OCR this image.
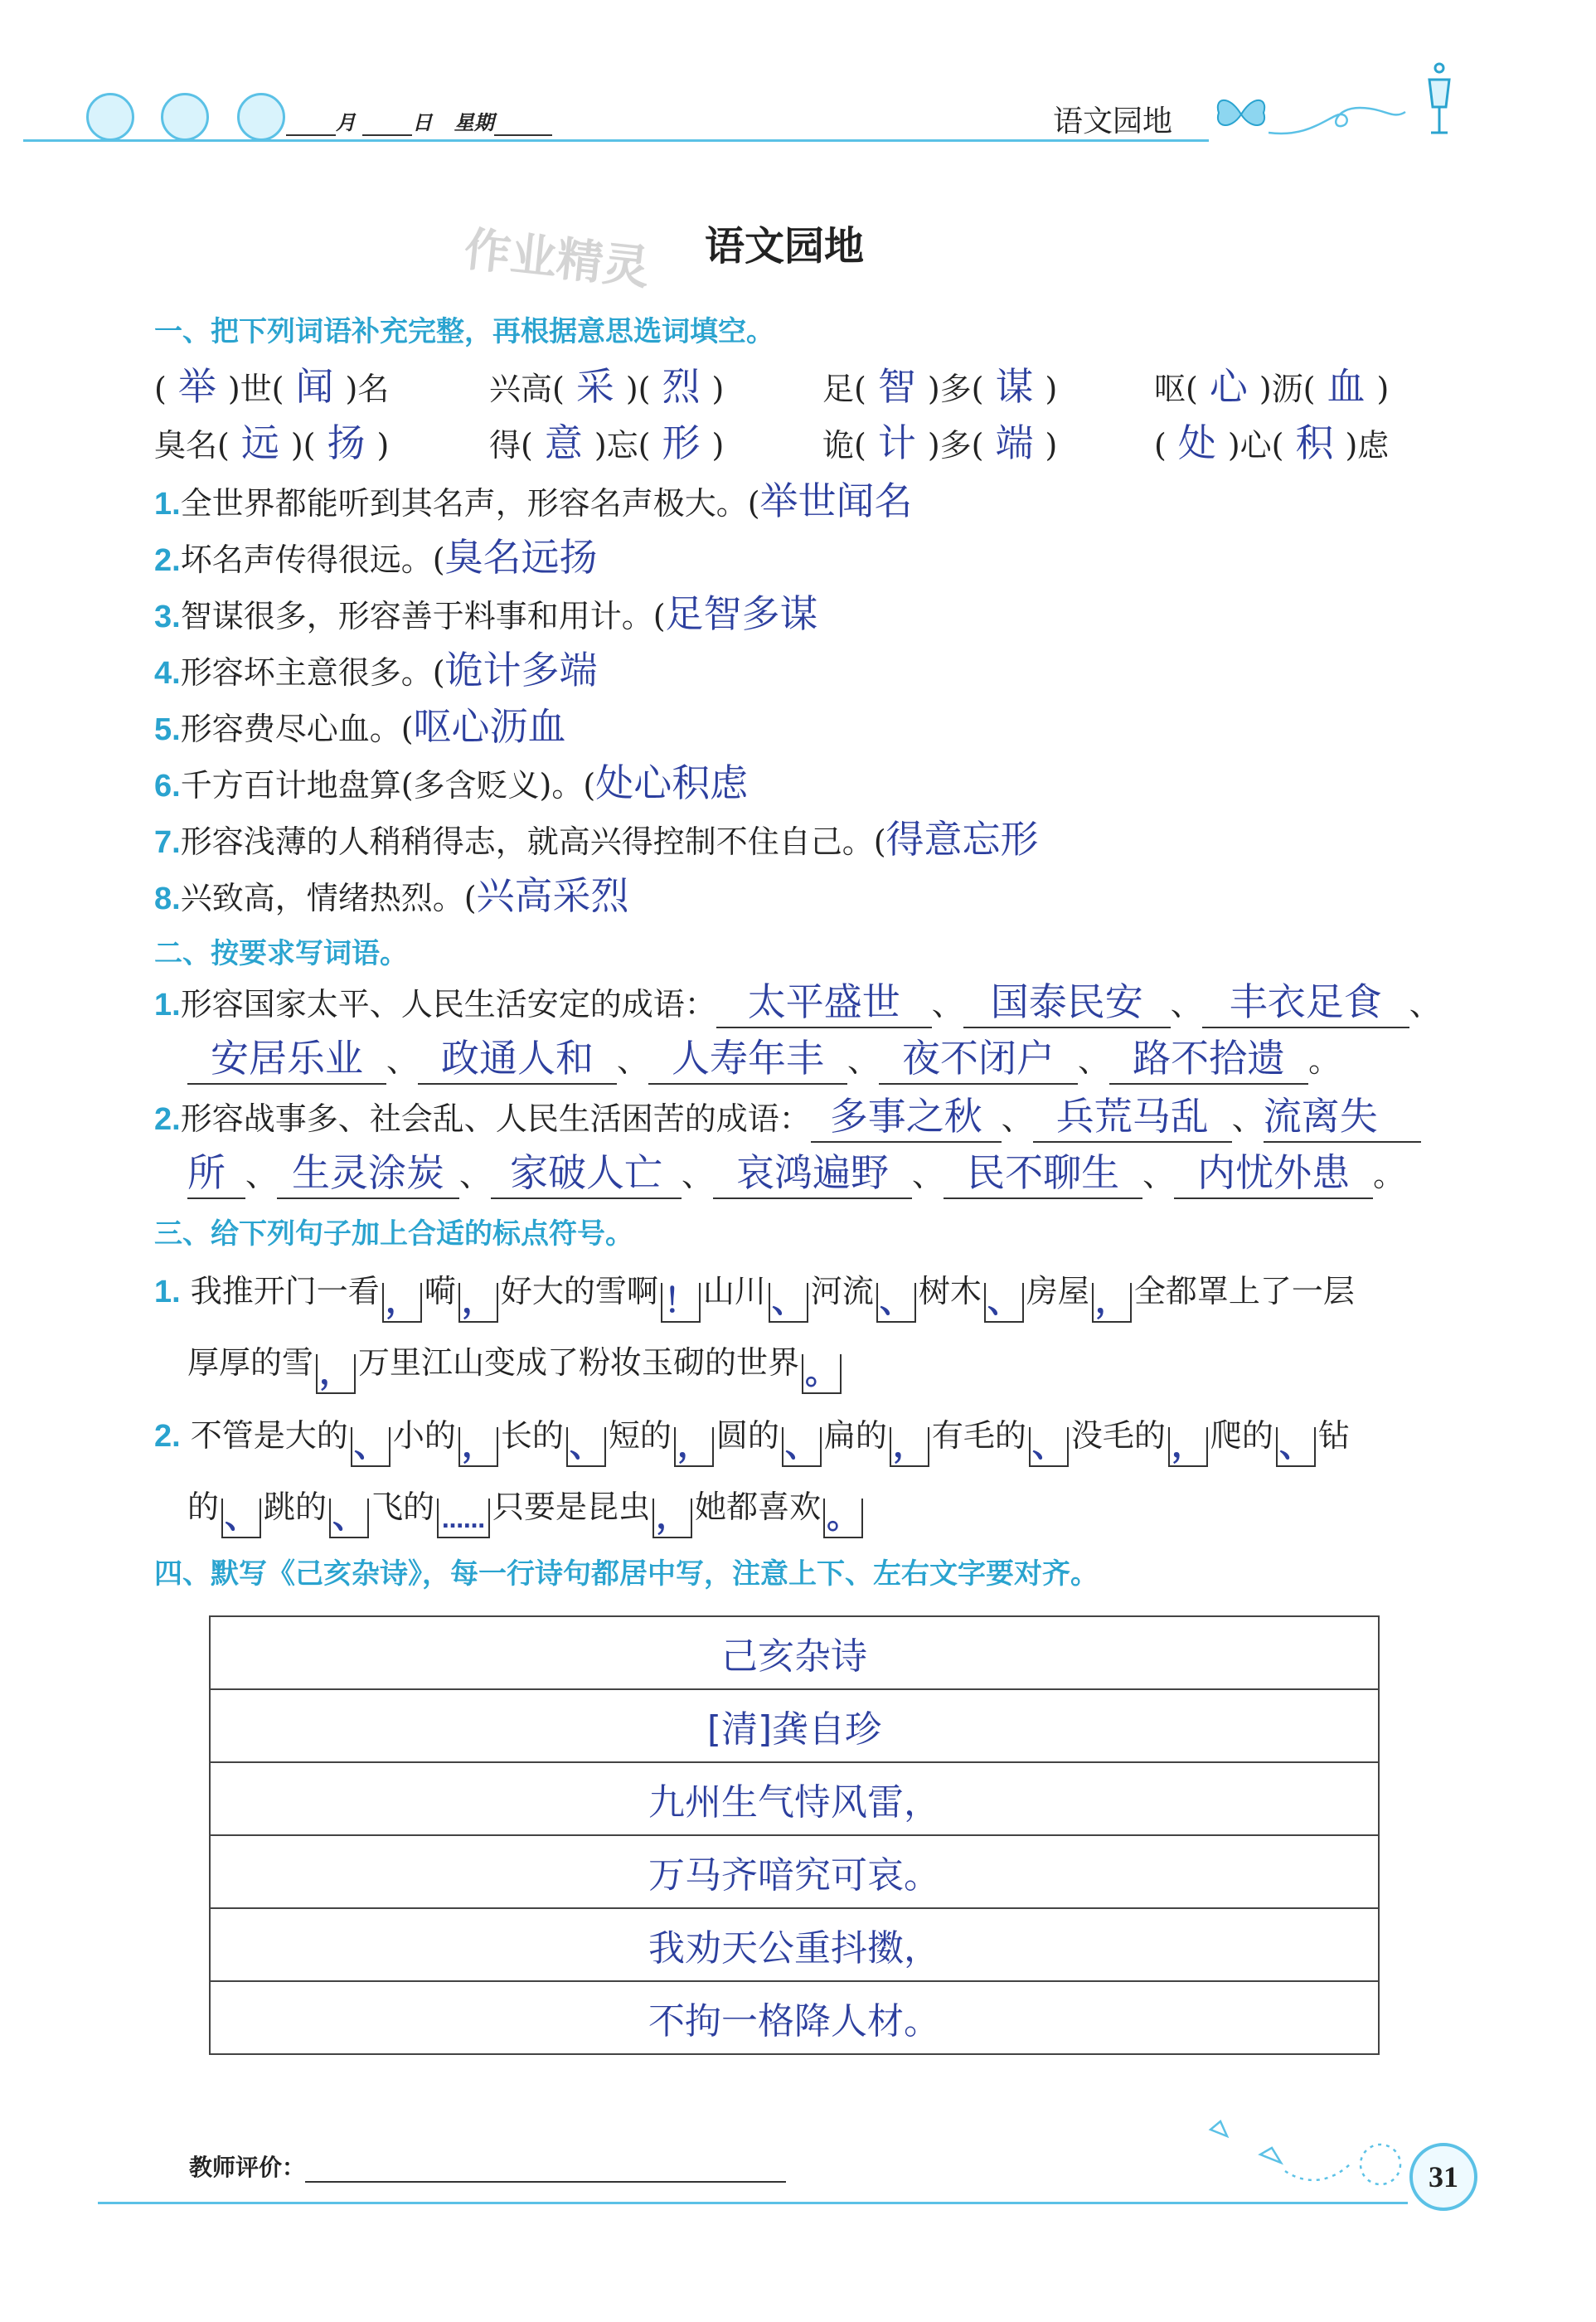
月	日 星期	语文园地
作业精灵 语文园地
一、把下列词语补充完整，再根据意思选词填空。
( 举 )世( 闻 )名	兴高( 采 )( 烈 )	足( 智 )多( 谋 )	呕( 心 )沥( 血 )
臭名( 远 )( 扬 )	得( 意 )忘( 形 )	诡( 计 )多( 端 )	( 处 )心( 积 )虑
1.全世界都能听到其名声，形容名声极大。(举世闻名
2.坏名声传得很远。(臭名远扬
3.智谋很多，形容善于料事和用计。(足智多谋
4.形容坏主意很多。(诡计多端
5.形容费尽心血。(呕心沥血
6.千方百计地盘算(多含贬义)。(处心积虑
7.形容浅薄的人稍稍得志，就高兴得控制不住自己。(得意忘形
8.兴致高，情绪热烈。(兴高采烈
二、按要求写词语。
1.形容国家太平、人民生活安定的成语： 太平盛世 、 国泰民安 、 丰衣足食 、
安居乐业 、 政通人和 、 人寿年丰 、 夜不闭户 、 路不拾遗 。
2.形容战事多、社会乱、人民生活困苦的成语： 多事之秋 、 兵荒马乱 、流离失
所 、 生灵涂炭 、 家破人亡 、 哀鸿遍野 、 民不聊生 、 内忧外患 。
三、给下列句子加上合适的标点符号。
1. 我推开门一看 ， 嗬 ， 好大的雪啊 ！ 山川 、 河流 、 树木 、 房屋 ， 全都罩上了一层
厚厚的雪 ， 万里江山变成了粉妆玉砌的世界 。
2. 不管是大的 、 小的 ， 长的 、 短的 ， 圆的 、 扁的 ， 有毛的 、 没毛的 ， 爬的 、 钻
的 、 跳的 、 飞的 …… 只要是昆虫 ， 她都喜欢 。
四、默写《己亥杂诗》，每一行诗句都居中写，注意上下、左右文字要对齐。
己亥杂诗
[清]龚自珍
九州生气恃风雷，
万马齐喑究可哀。
我劝天公重抖擞，
不拘一格降人材。
教师评价：	31
